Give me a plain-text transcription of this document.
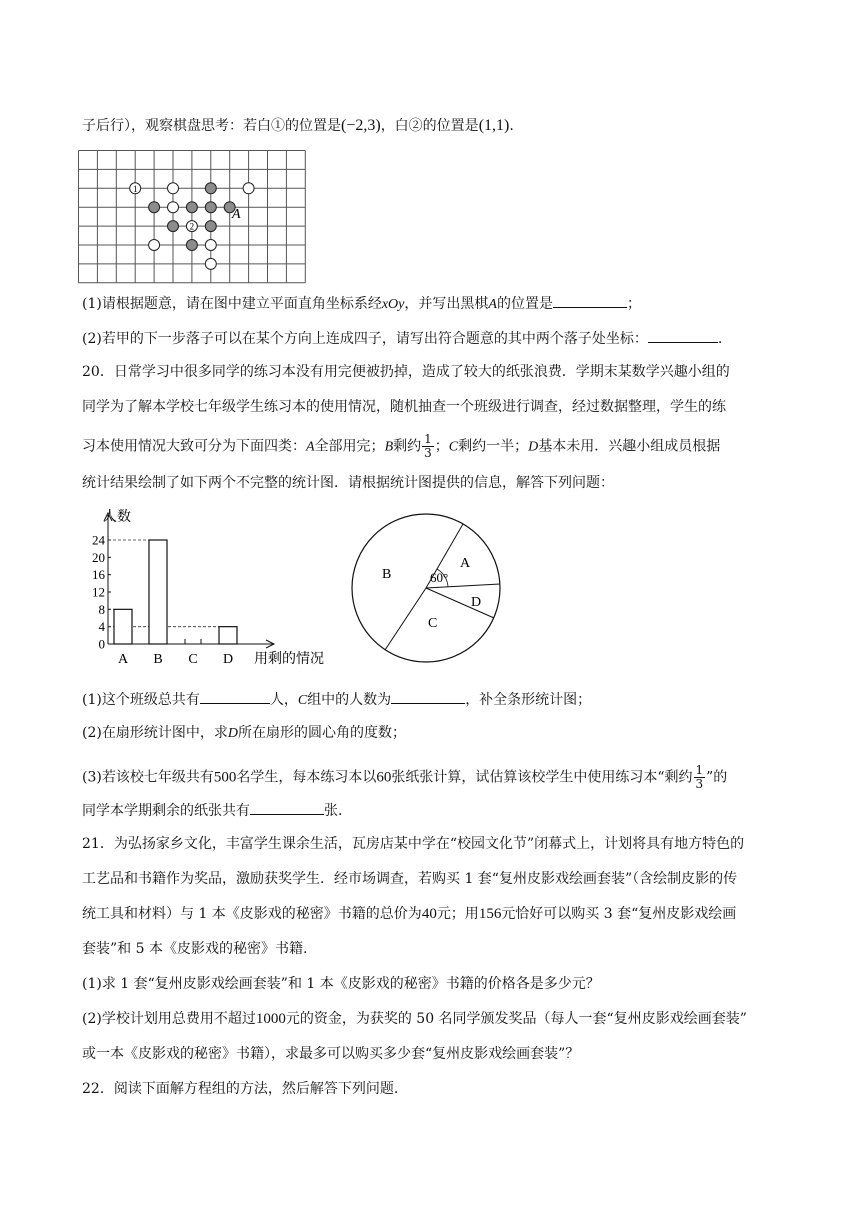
子后行），观察棋盘思考：若白①的位置是(−2,3)，白②的位置是(1,1).
1
2
A
(1)请根据题意，请在图中建立平面直角坐标系经xOy，并写出黑棋A的位置是	；
(2)若甲的下一步落子可以在某个方向上连成四子，请写出符合题意的其中两个落子处坐标：	.
20．日常学习中很多同学的练习本没有用完便被扔掉，造成了较大的纸张浪费．学期末某数学兴趣小组的
同学为了解本学校七年级学生练习本的使用情况，随机抽查一个班级进行调查，经过数据整理，学生的练
习本使用情况大致可分为下面四类：A全部用完；B剩约 $\frac{1}{3}$ ；C剩约一半；D基本未用．兴趣小组成员根据
统计结果绘制了如下两个不完整的统计图．请根据统计图提供的信息，解答下列问题：
人数
用剩的情况
0
4
8
12
16
20
24
A B C D
60°
A
B
C
D
(1)这个班级总共有	人，C组中的人数为	，补全条形统计图；
(2)在扇形统计图中，求D所在扇形的圆心角的度数；
(3)若该校七年级共有500名学生，每本练习本以60张纸张计算，试估算该校学生中使用练习本“剩约 $\frac{1}{3}$ ”的
同学本学期剩余的纸张共有	张.
21．为弘扬家乡文化，丰富学生课余生活，瓦房店某中学在“校园文化节”闭幕式上，计划将具有地方特色的
工艺品和书籍作为奖品，激励获奖学生．经市场调查，若购买 1 套“复州皮影戏绘画套装”（含绘制皮影的传
统工具和材料）与 1 本《皮影戏的秘密》书籍的总价为40元；用156元恰好可以购买 3 套“复州皮影戏绘画
套装”和 5 本《皮影戏的秘密》书籍.
(1)求 1 套“复州皮影戏绘画套装”和 1 本《皮影戏的秘密》书籍的价格各是多少元？
(2)学校计划用总费用不超过1000元的资金，为获奖的 50 名同学颁发奖品（每人一套“复州皮影戏绘画套装”
或一本《皮影戏的秘密》书籍），求最多可以购买多少套“复州皮影戏绘画套装”？
22．阅读下面解方程组的方法，然后解答下列问题.
